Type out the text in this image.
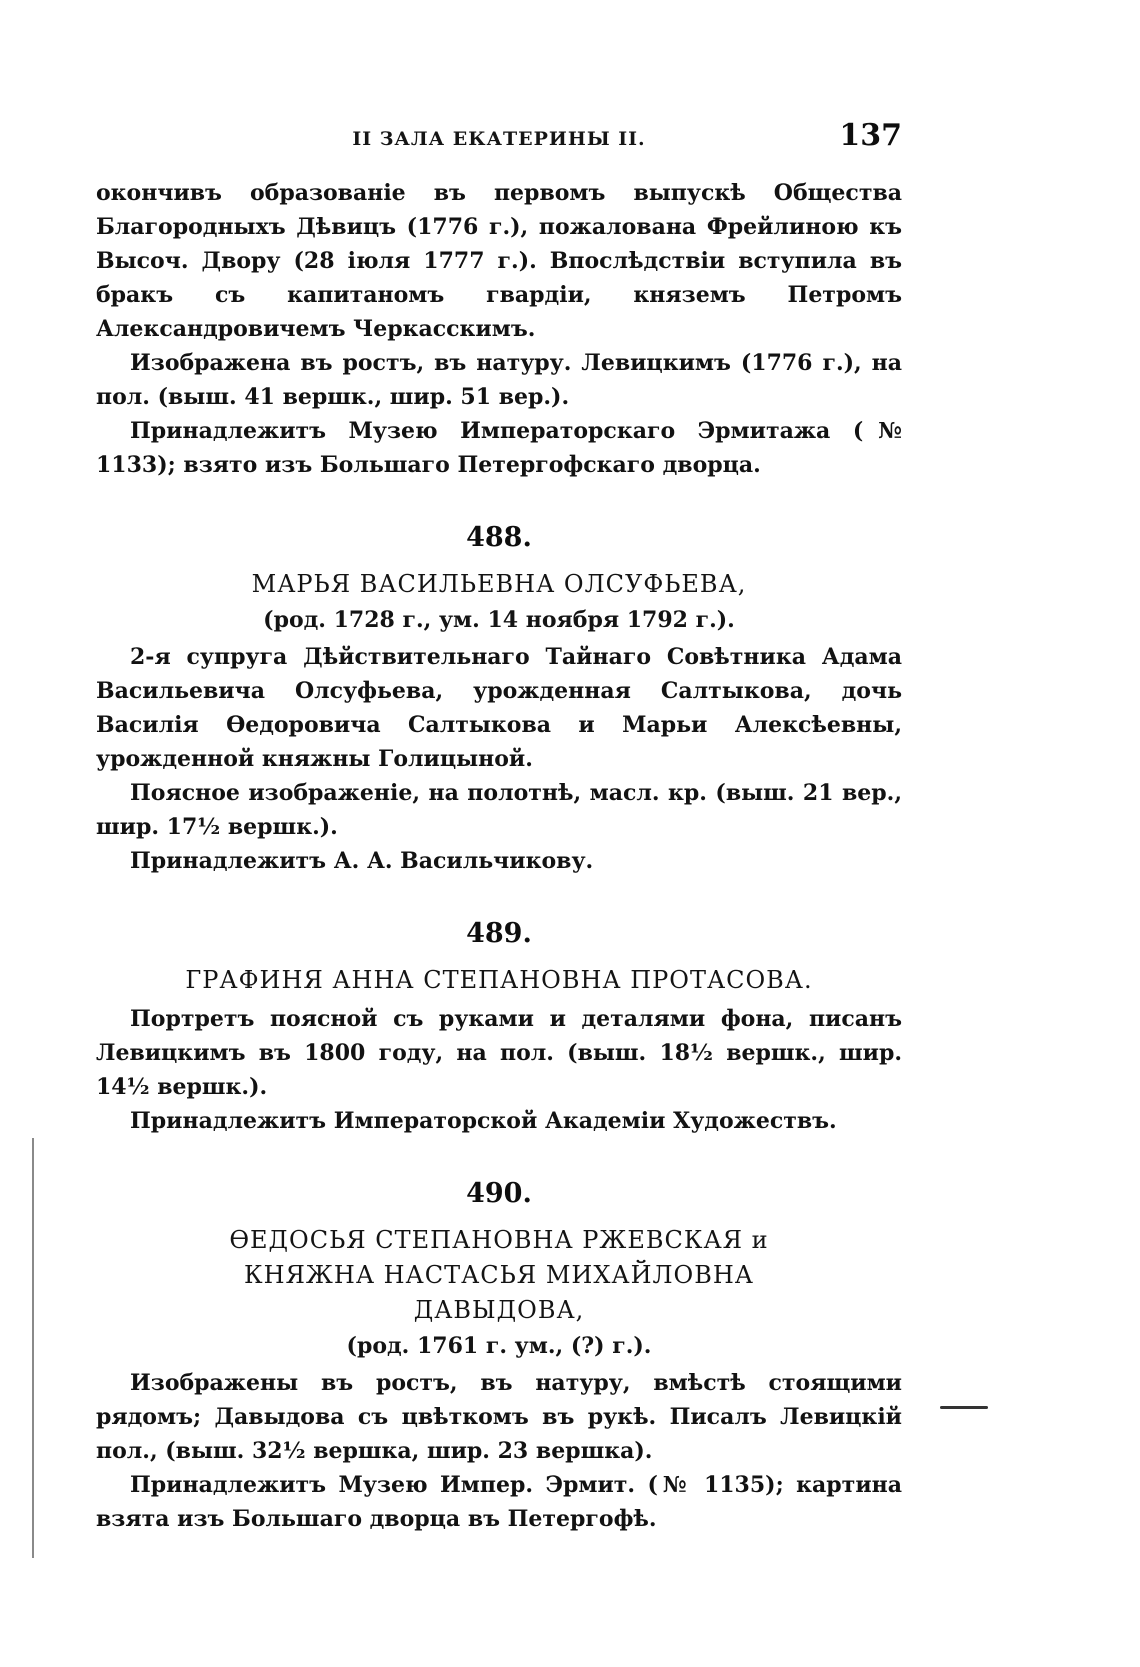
II ЗАЛА ЕКАТЕРИНЫ II.	137

окончивъ образованіе въ первомъ выпускѣ Общества Благородныхъ Дѣвицъ (1776 г.), пожалована Фрейлиною къ Высоч. Двору (28 іюля 1777 г.). Впослѣдствіи вступила въ бракъ съ капитаномъ гвардіи, княземъ Петромъ Александровичемъ Черкасскимъ.

Изображена въ ростъ, въ натуру. Левицкимъ (1776 г.), на пол. (выш. 41 вершк., шир. 51 вер.).

Принадлежитъ Музею Императорскаго Эрмитажа (№ 1133); взято изъ Большаго Петергофскаго дворца.

488.
МАРЬЯ ВАСИЛЬЕВНА ОЛСУФЬЕВА,
(род. 1728 г., ум. 14 ноября 1792 г.).

2-я супруга Дѣйствительнаго Тайнаго Совѣтника Адама Васильевича Олсуфьева, урожденная Салтыкова, дочь Василія Ѳедоровича Салтыкова и Марьи Алексѣевны, урожденной княжны Голицыной.

Поясное изображеніе, на полотнѣ, масл. кр. (выш. 21 вер., шир. 17½ вершк.).

Принадлежитъ А. А. Васильчикову.

489.
ГРАФИНЯ АННА СТЕПАНОВНА ПРОТАСОВА.

Портретъ поясной съ руками и деталями фона, писанъ Левицкимъ въ 1800 году, на пол. (выш. 18½ вершк., шир. 14½ вершк.).

Принадлежитъ Императорской Академіи Художествъ.

490.
ѲЕДОСЬЯ СТЕПАНОВНА РЖЕВСКАЯ и КНЯЖНА НАСТАСЬЯ МИХАЙЛОВНА ДАВЫДОВА,
(род. 1761 г. ум., (?) г.).

Изображены въ ростъ, въ натуру, вмѣстѣ стоящими рядомъ; Давыдова съ цвѣткомъ въ рукѣ. Писалъ Левицкій пол., (выш. 32½ вершка, шир. 23 вершка).

Принадлежитъ Музею Импер. Эрмит. (№ 1135); картина взята изъ Большаго дворца въ Петергофѣ.
